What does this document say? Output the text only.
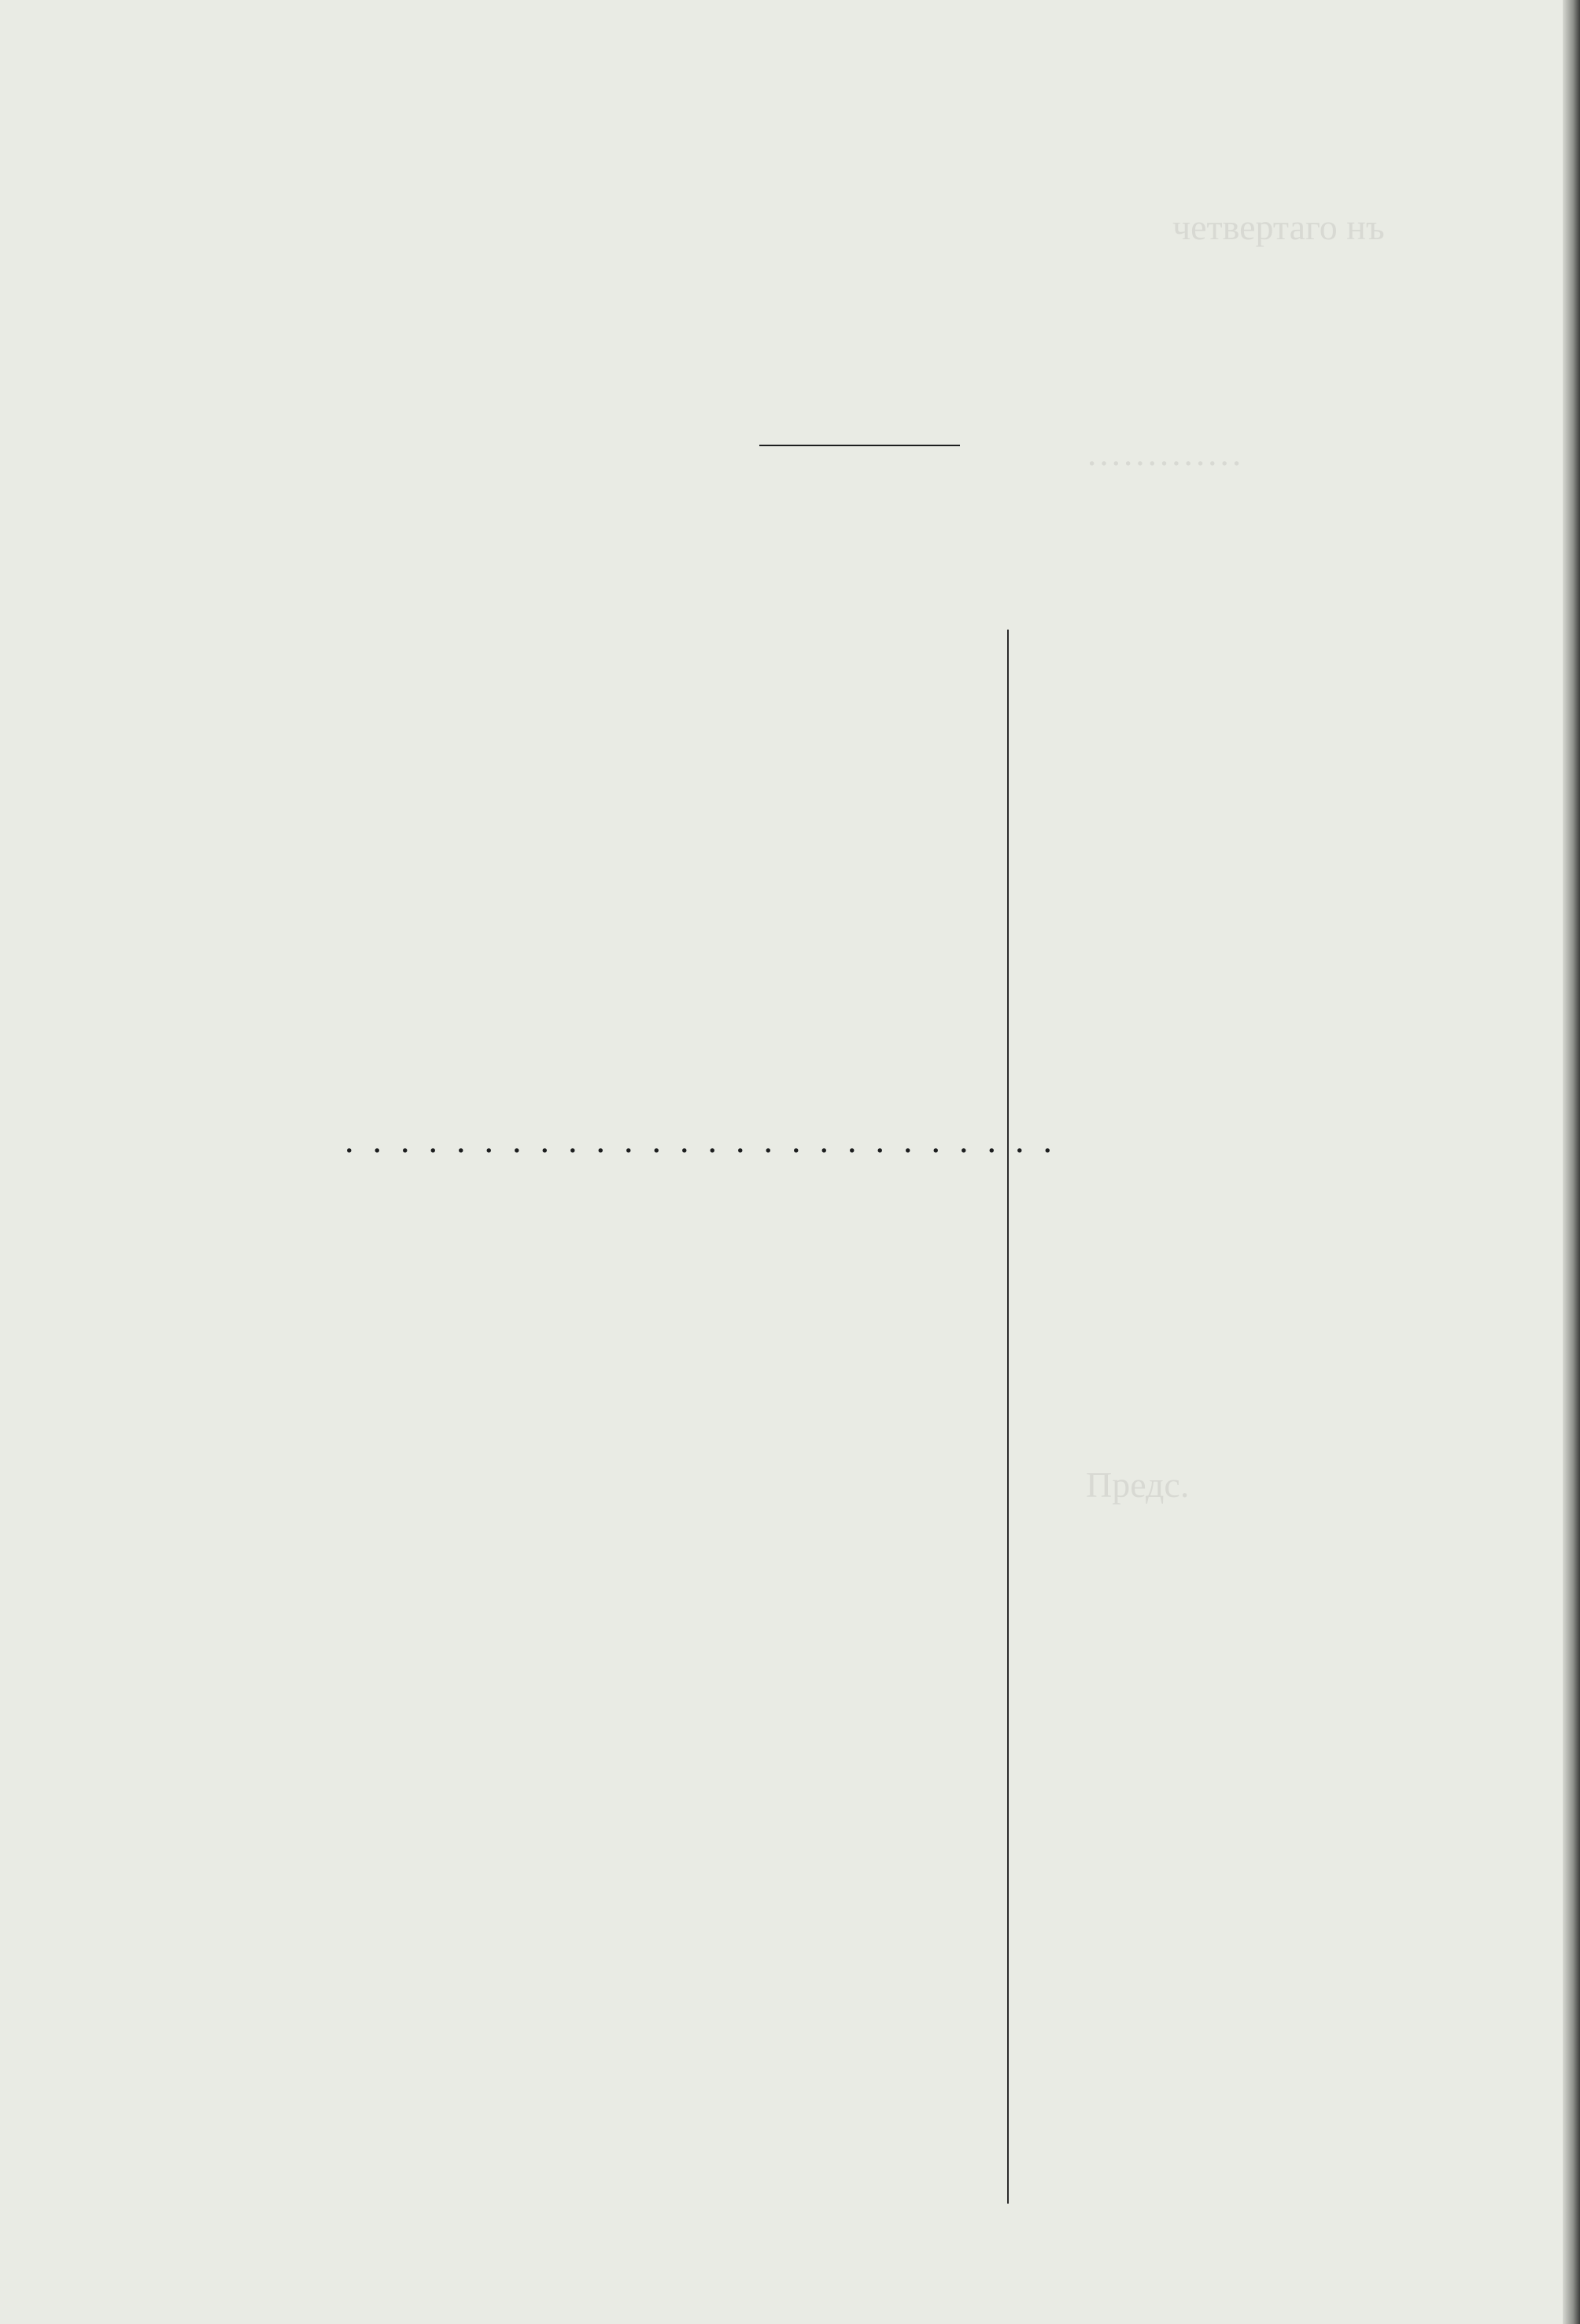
четвертаго нъ
·············
Предс.
..........................
